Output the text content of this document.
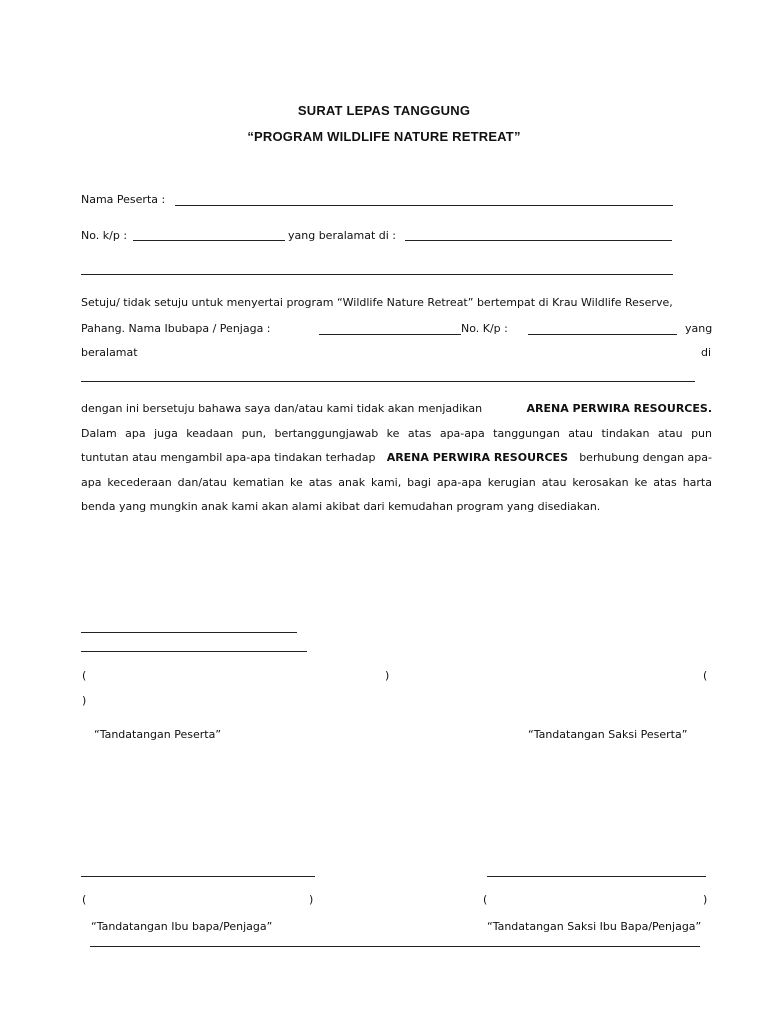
SURAT LEPAS TANGGUNG
“PROGRAM WILDLIFE NATURE RETREAT”
Nama Peserta :
No. k/p :	yang beralamat di :
Setuju/ tidak setuju untuk menyertai program “Wildlife Nature Retreat” bertempat di Krau Wildlife Reserve,
Pahang. Nama Ibubapa / Penjaga :	No. K/p :	yang
beralamat	di
dengan ini bersetuju bahawa saya dan/atau kami tidak akan menjadikan	ARENA PERWIRA RESOURCES.
Dalam apa juga keadaan pun, bertanggungjawab ke atas apa-apa tanggungan atau tindakan atau pun
tuntutan atau mengambil apa-apa tindakan terhadap ARENA PERWIRA RESOURCES berhubung dengan apa-
apa kecederaan dan/atau kematian ke atas anak kami, bagi apa-apa kerugian atau kerosakan ke atas harta
benda yang mungkin anak kami akan alami akibat dari kemudahan program yang disediakan.
(	)	(
)
“Tandatangan Peserta”	“Tandatangan Saksi Peserta”
(	)	(	)
“Tandatangan Ibu bapa/Penjaga”	“Tandatangan Saksi Ibu Bapa/Penjaga”
